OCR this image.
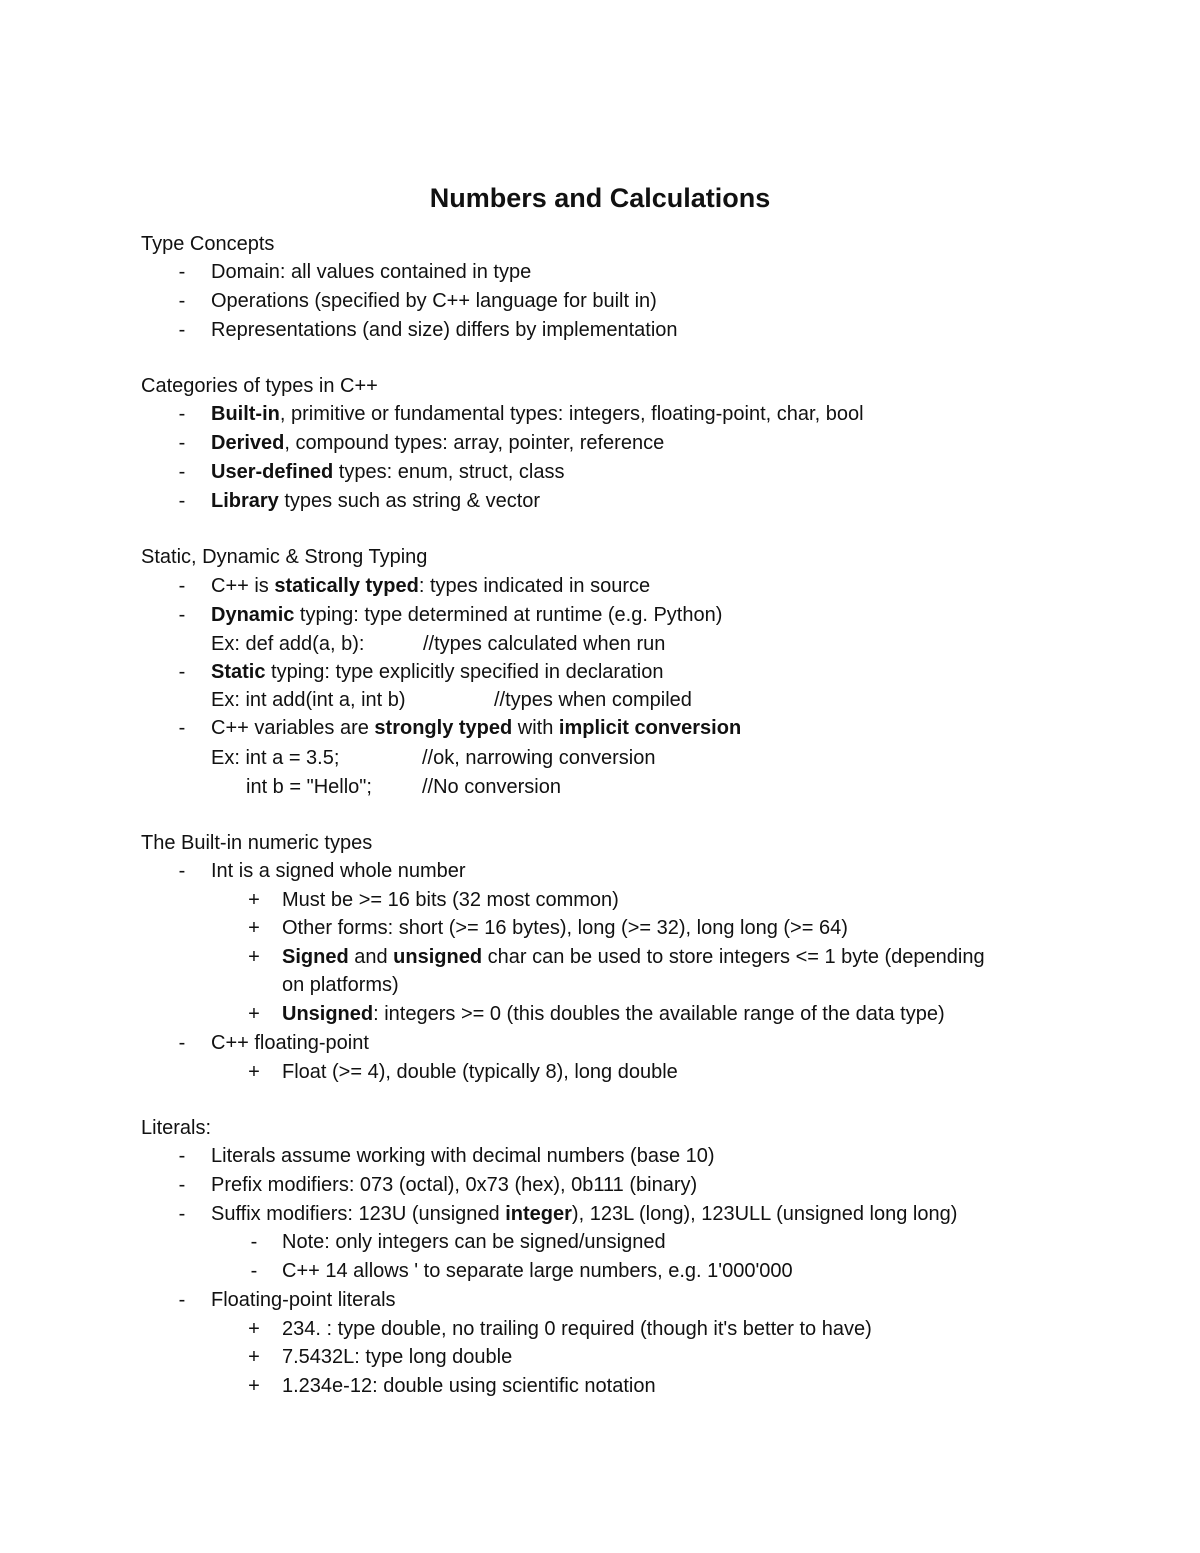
Numbers and Calculations
Type Concepts
-	Domain: all values contained in type
-	Operations (specified by C++ language for built in)
-	Representations (and size) differs by implementation
Categories of types in C++
-	Built-in, primitive or fundamental types: integers, floating-point, char, bool
-	Derived, compound types: array, pointer, reference
-	User-defined types: enum, struct, class
-	Library types such as string & vector
Static, Dynamic & Strong Typing
-	C++ is statically typed: types indicated in source
-	Dynamic typing: type determined at runtime (e.g. Python)
Ex: def add(a, b):	//types calculated when run
-	Static typing: type explicitly specified in declaration
Ex: int add(int a, int b)	//types when compiled
-	C++ variables are strongly typed with implicit conversion
Ex: int a = 3.5;	//ok, narrowing conversion
int b = "Hello";	//No conversion
The Built-in numeric types
-	Int is a signed whole number
+ Must be >= 16 bits (32 most common)
+ Other forms: short (>= 16 bytes), long (>= 32), long long (>= 64)
+ Signed and unsigned char can be used to store integers <= 1 byte (depending
on platforms)
+ Unsigned: integers >= 0 (this doubles the available range of the data type)
-	C++ floating-point
+ Float (>= 4), double (typically 8), long double
Literals:
-	Literals assume working with decimal numbers (base 10)
-	Prefix modifiers: 073 (octal), 0x73 (hex), 0b111 (binary)
-	Suffix modifiers: 123U (unsigned integer), 123L (long), 123ULL (unsigned long long)
-	Note: only integers can be signed/unsigned
-	C++ 14 allows ' to separate large numbers, e.g. 1'000'000
-	Floating-point literals
+ 234. : type double, no trailing 0 required (though it's better to have)
+ 7.5432L: type long double
+ 1.234e-12: double using scientific notation
